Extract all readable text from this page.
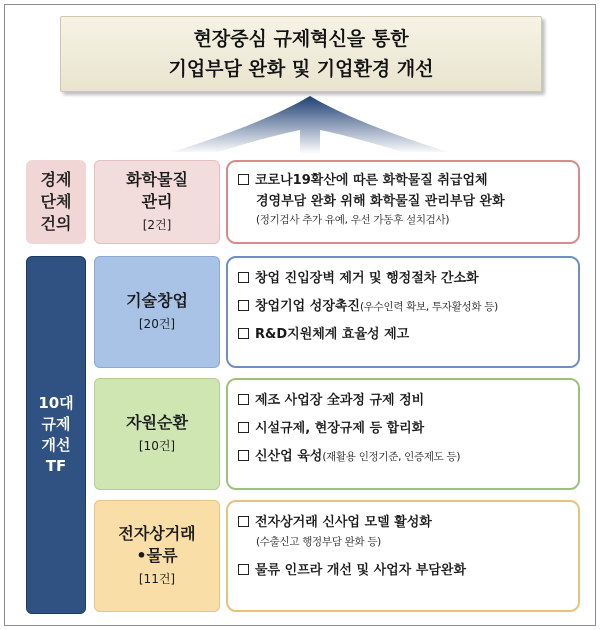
현장중심 규제혁신을 통한
기업부담 완화 및 기업환경 개선
경제
단체
건의
10대
규제
개선
TF
화학물질
관리
[2건]
코로나19확산에 따른 화학물질 취급업체
경영부담 완화 위해 화학물질 관리부담 완화
(정기검사 추가 유예, 우선 가동후 설치검사)
기술창업
[20건]
창업 진입장벽 제거 및 행정절차 간소화
창업기업 성장촉진(우수인력 확보, 투자활성화 등)
R&D지원체계 효율성 제고
자원순환
[10건]
제조 사업장 全과정 규제 정비
시설규제, 현장규제 등 합리화
신산업 육성(재활용 인정기준, 인증제도 등)
전자상거래
•물류
[11건]
전자상거래 신사업 모델 활성화
(수출신고 행정부담 완화 등)
물류 인프라 개선 및 사업자 부담완화
